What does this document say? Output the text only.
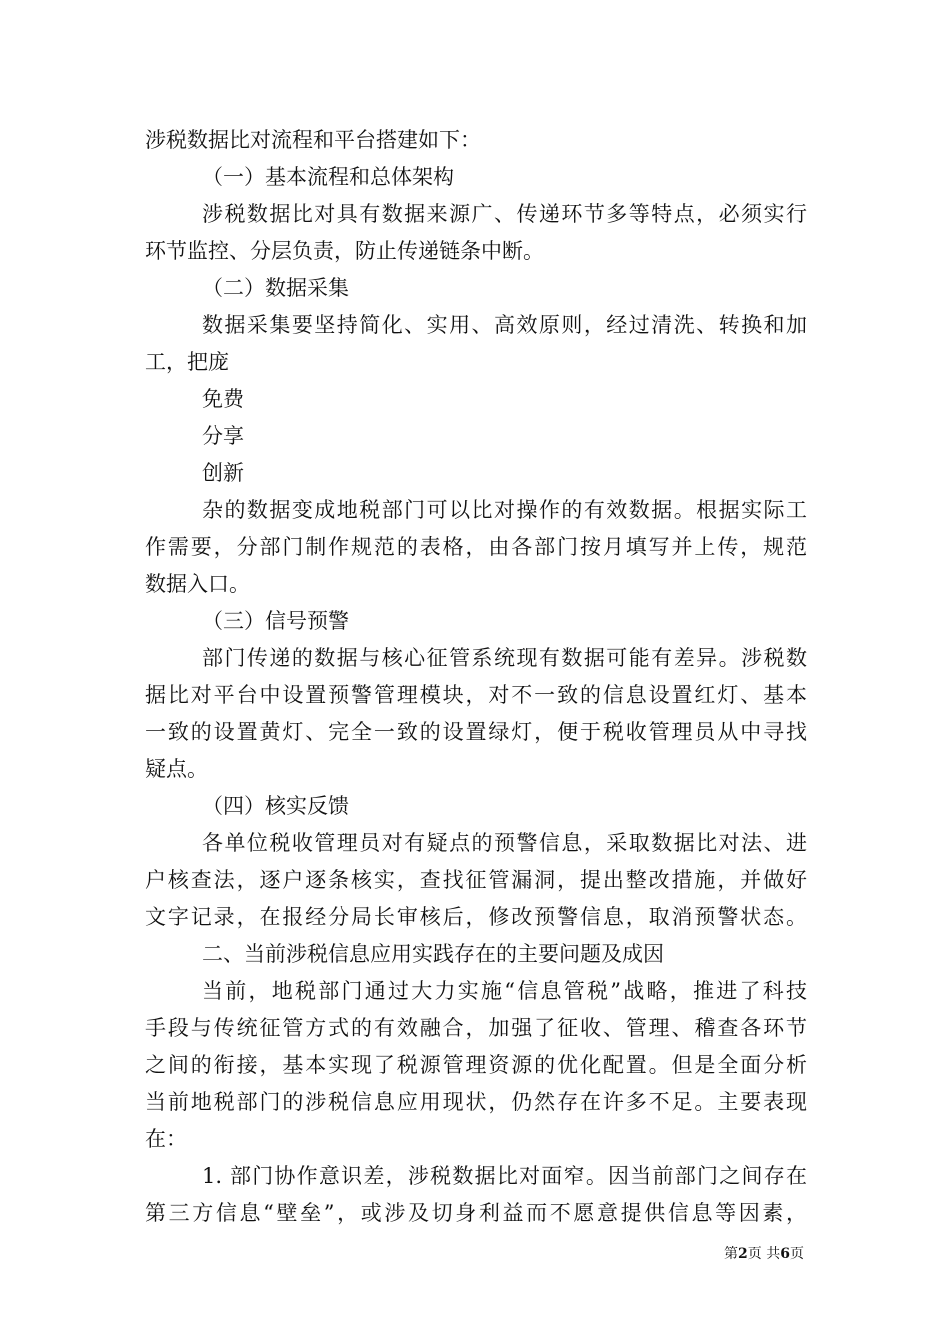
涉税数据比对流程和平台搭建如下：
（一）基本流程和总体架构
涉税数据比对具有数据来源广、传递环节多等特点，必须实行
环节监控、分层负责，防止传递链条中断。
（二）数据采集
数据采集要坚持简化、实用、高效原则，经过清洗、转换和加
工，把庞
免费
分享
创新
杂的数据变成地税部门可以比对操作的有效数据。根据实际工
作需要，分部门制作规范的表格，由各部门按月填写并上传，规范
数据入口。
（三）信号预警
部门传递的数据与核心征管系统现有数据可能有差异。涉税数
据比对平台中设置预警管理模块，对不一致的信息设置红灯、基本
一致的设置黄灯、完全一致的设置绿灯，便于税收管理员从中寻找
疑点。
（四）核实反馈
各单位税收管理员对有疑点的预警信息，采取数据比对法、进
户核查法，逐户逐条核实，查找征管漏洞，提出整改措施，并做好
文字记录，在报经分局长审核后，修改预警信息，取消预警状态。
二、当前涉税信息应用实践存在的主要问题及成因
当前，地税部门通过大力实施“信息管税”战略，推进了科技
手段与传统征管方式的有效融合，加强了征收、管理、稽查各环节
之间的衔接，基本实现了税源管理资源的优化配置。但是全面分析
当前地税部门的涉税信息应用现状，仍然存在许多不足。主要表现
在：
1. 部门协作意识差，涉税数据比对面窄。因当前部门之间存在
第三方信息“壁垒”，或涉及切身利益而不愿意提供信息等因素，
第2页 共6页
